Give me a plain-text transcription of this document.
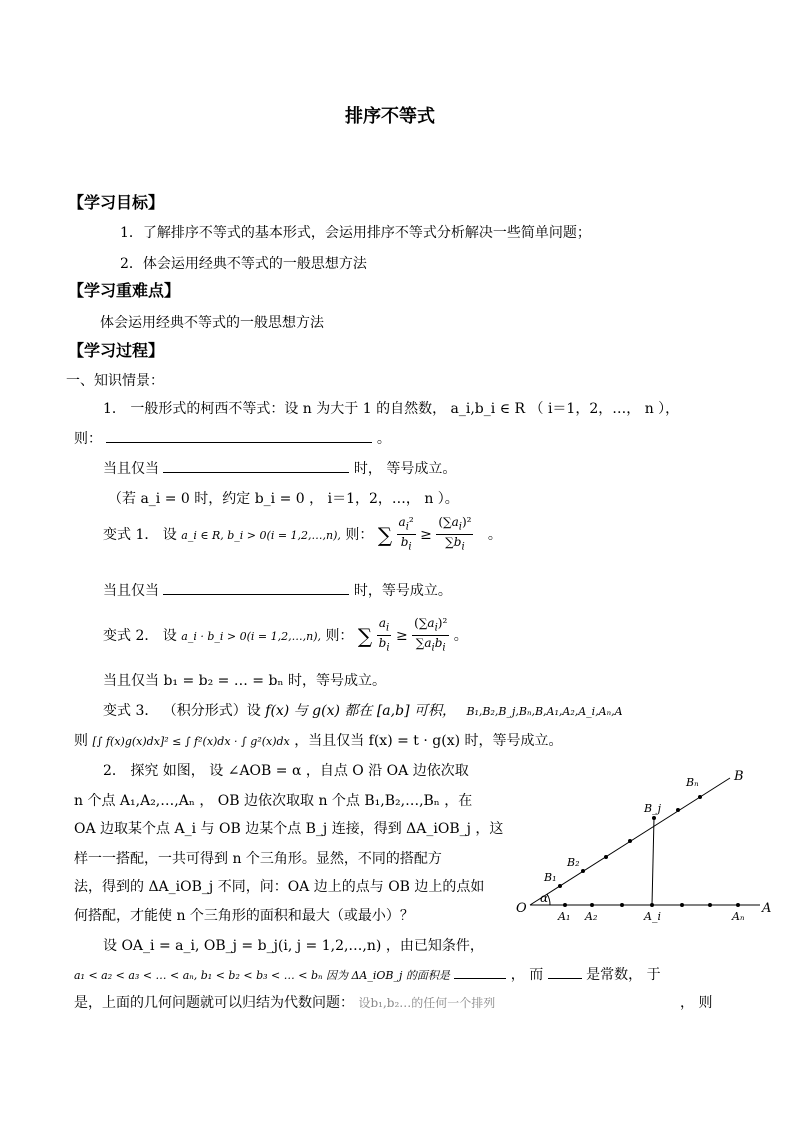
排序不等式
【学习目标】
1．了解排序不等式的基本形式，会运用排序不等式分析解决一些简单问题；
2．体会运用经典不等式的一般思想方法
【学习重难点】
体会运用经典不等式的一般思想方法
【学习过程】
一、知识情景：
1． 一般形式的柯西不等式：设 n 为大于 1 的自然数， a_i,b_i ∈ R （ i＝1，2，…， n ），
则：	。
当且仅当	时， 等号成立。
（若 a_i = 0 时，约定 b_i = 0 ， i＝1，2，…， n ）。
变式 1． 设 a_i ∈ R, b_i > 0(i = 1,2,…,n), 则： ∑ $\frac{a_i^2}{b_i} \ge \frac{(\sum a_i)^2}{\sum b_i}$ 。
当且仅当	时，等号成立。
变式 2． 设 a_i · b_i > 0(i = 1,2,…,n), 则： ∑ $\frac{a_i}{b_i} \ge \frac{(\sum a_i)^2}{\sum a_ib_i}$ 。
当且仅当 b₁ = b₂ = … = bₙ 时，等号成立。
变式 3． （积分形式）设 f(x) 与 g(x) 都在 [a,b] 可积， B₁,B₂,B_j,Bₙ,B,A₁,A₂,A_i,Aₙ,A
则 [∫ f(x)g(x)dx]² ≤ ∫ f²(x)dx · ∫ g²(x)dx ，当且仅当 f(x) = t · g(x) 时，等号成立。
2． 探究 如图， 设 ∠AOB = α ，自点 O 沿 OA 边依次取
n 个点 A₁,A₂,…,Aₙ ， OB 边依次取取 n 个点 B₁,B₂,…,Bₙ ，在
OA 边取某个点 A_i 与 OB 边某个点 B_j 连接，得到 ΔA_iOB_j ，这
样一一搭配，一共可得到 n 个三角形。显然，不同的搭配方
法，得到的 ΔA_iOB_j 不同，问：OA 边上的点与 OB 边上的点如
何搭配，才能使 n 个三角形的面积和最大（或最小）？
设 OA_i = a_i, OB_j = b_j(i, j = 1,2,…,n) ，由已知条件，
a₁ < a₂ < a₃ < … < aₙ, b₁ < b₂ < b₃ < … < bₙ 因为 ΔA_iOB_j 的面积是	， 而	是常数， 于
是，上面的几何问题就可以归结为代数问题： 设b₁,b₂…的任何一个排列	， 则
O	A
B
α
A₁ A₂	A_i	Aₙ
B₁
B₂
B_j
Bₙ
